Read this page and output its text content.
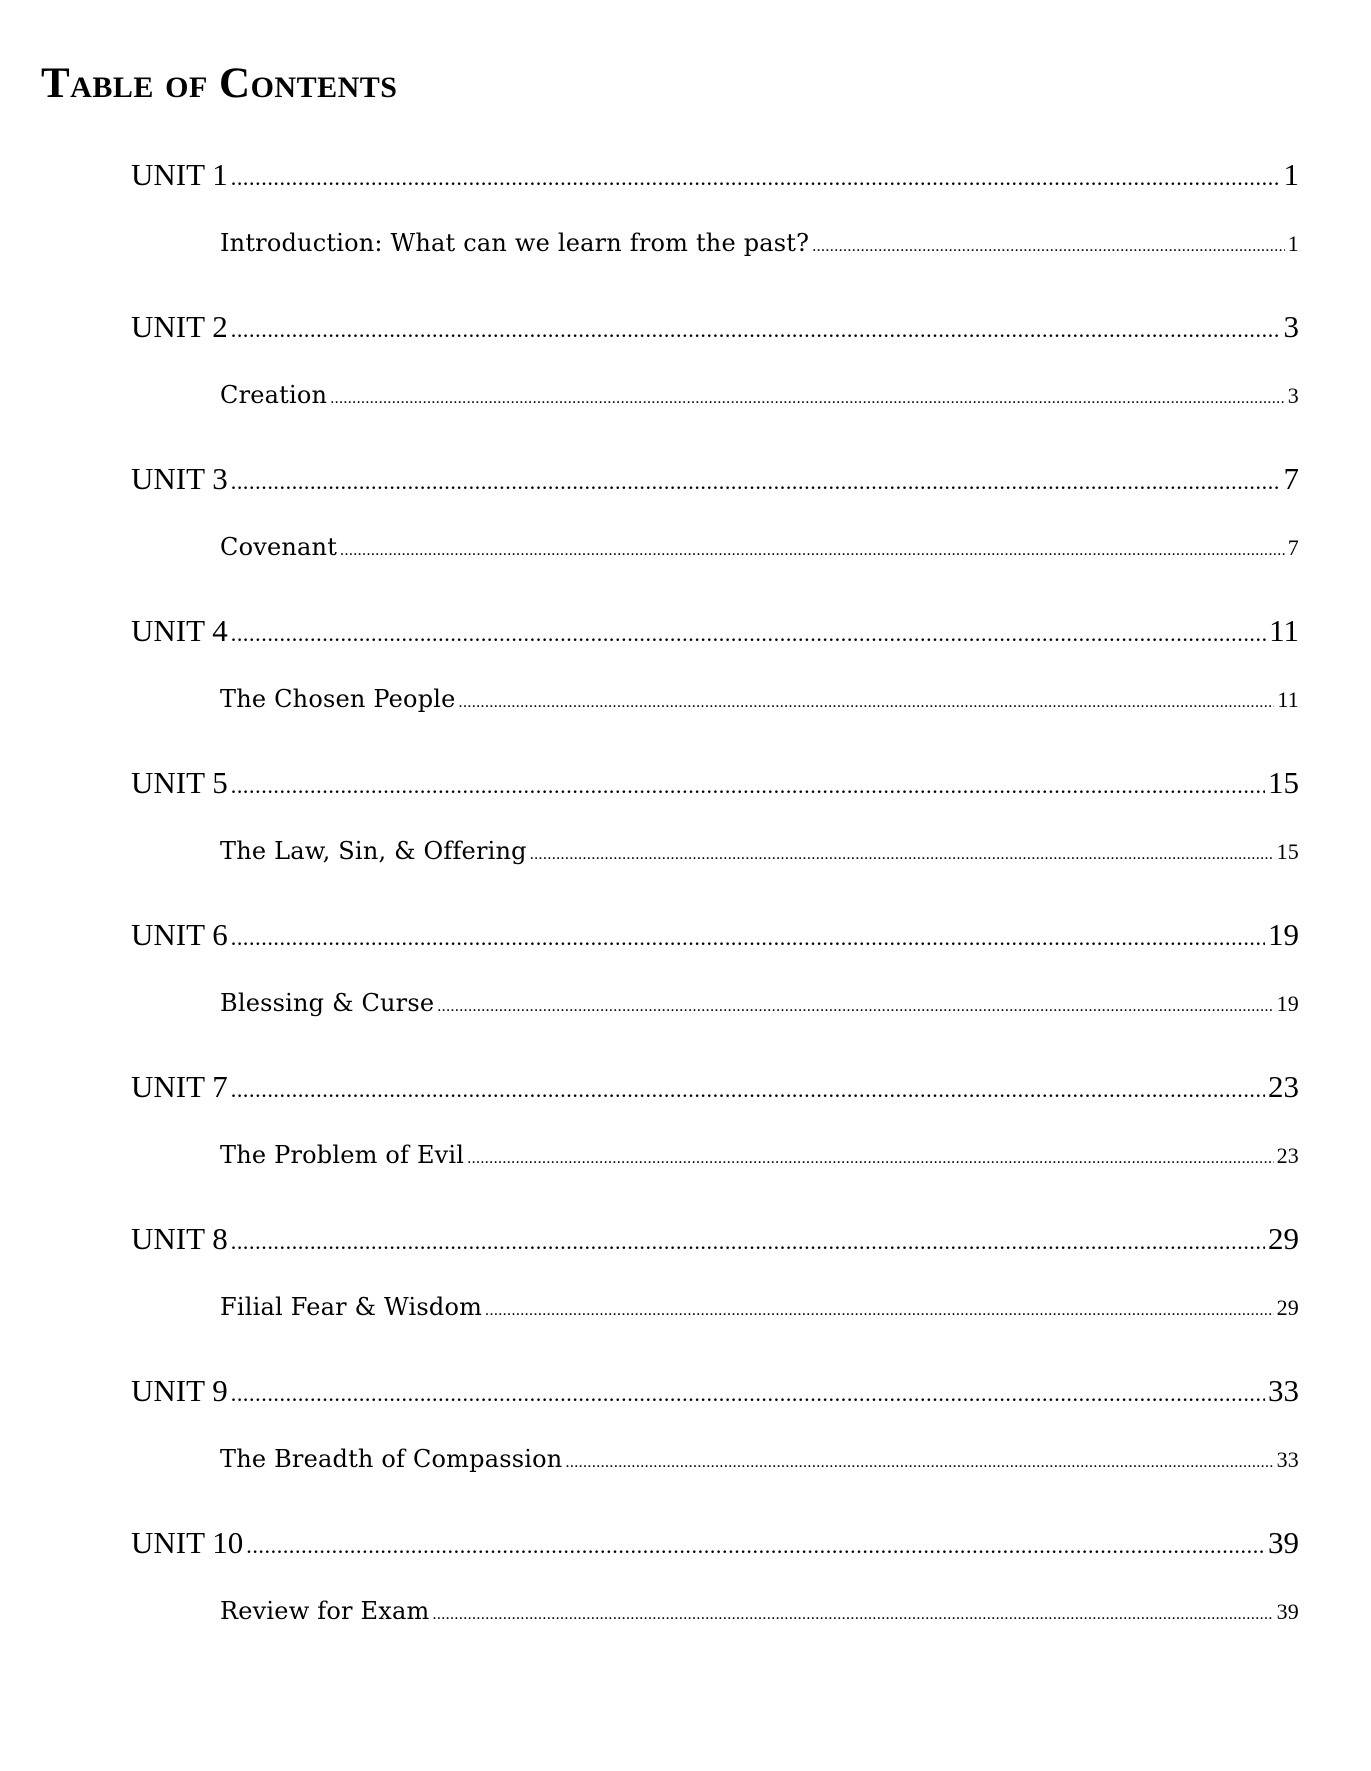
Table of Contents
UNIT 1 .....	1
Introduction: What can we learn from the past? .....	1
UNIT 2 .....	3
Creation .....	3
UNIT 3 .....	7
Covenant .....	7
UNIT 4 .....	11
The Chosen People .....	11
UNIT 5 .....	15
The Law, Sin, & Offering .....	15
UNIT 6 .....	19
Blessing & Curse .....	19
UNIT 7 .....	23
The Problem of Evil .....	23
UNIT 8 .....	29
Filial Fear & Wisdom .....	29
UNIT 9 .....	33
The Breadth of Compassion .....	33
UNIT 10 .....	39
Review for Exam .....	39
